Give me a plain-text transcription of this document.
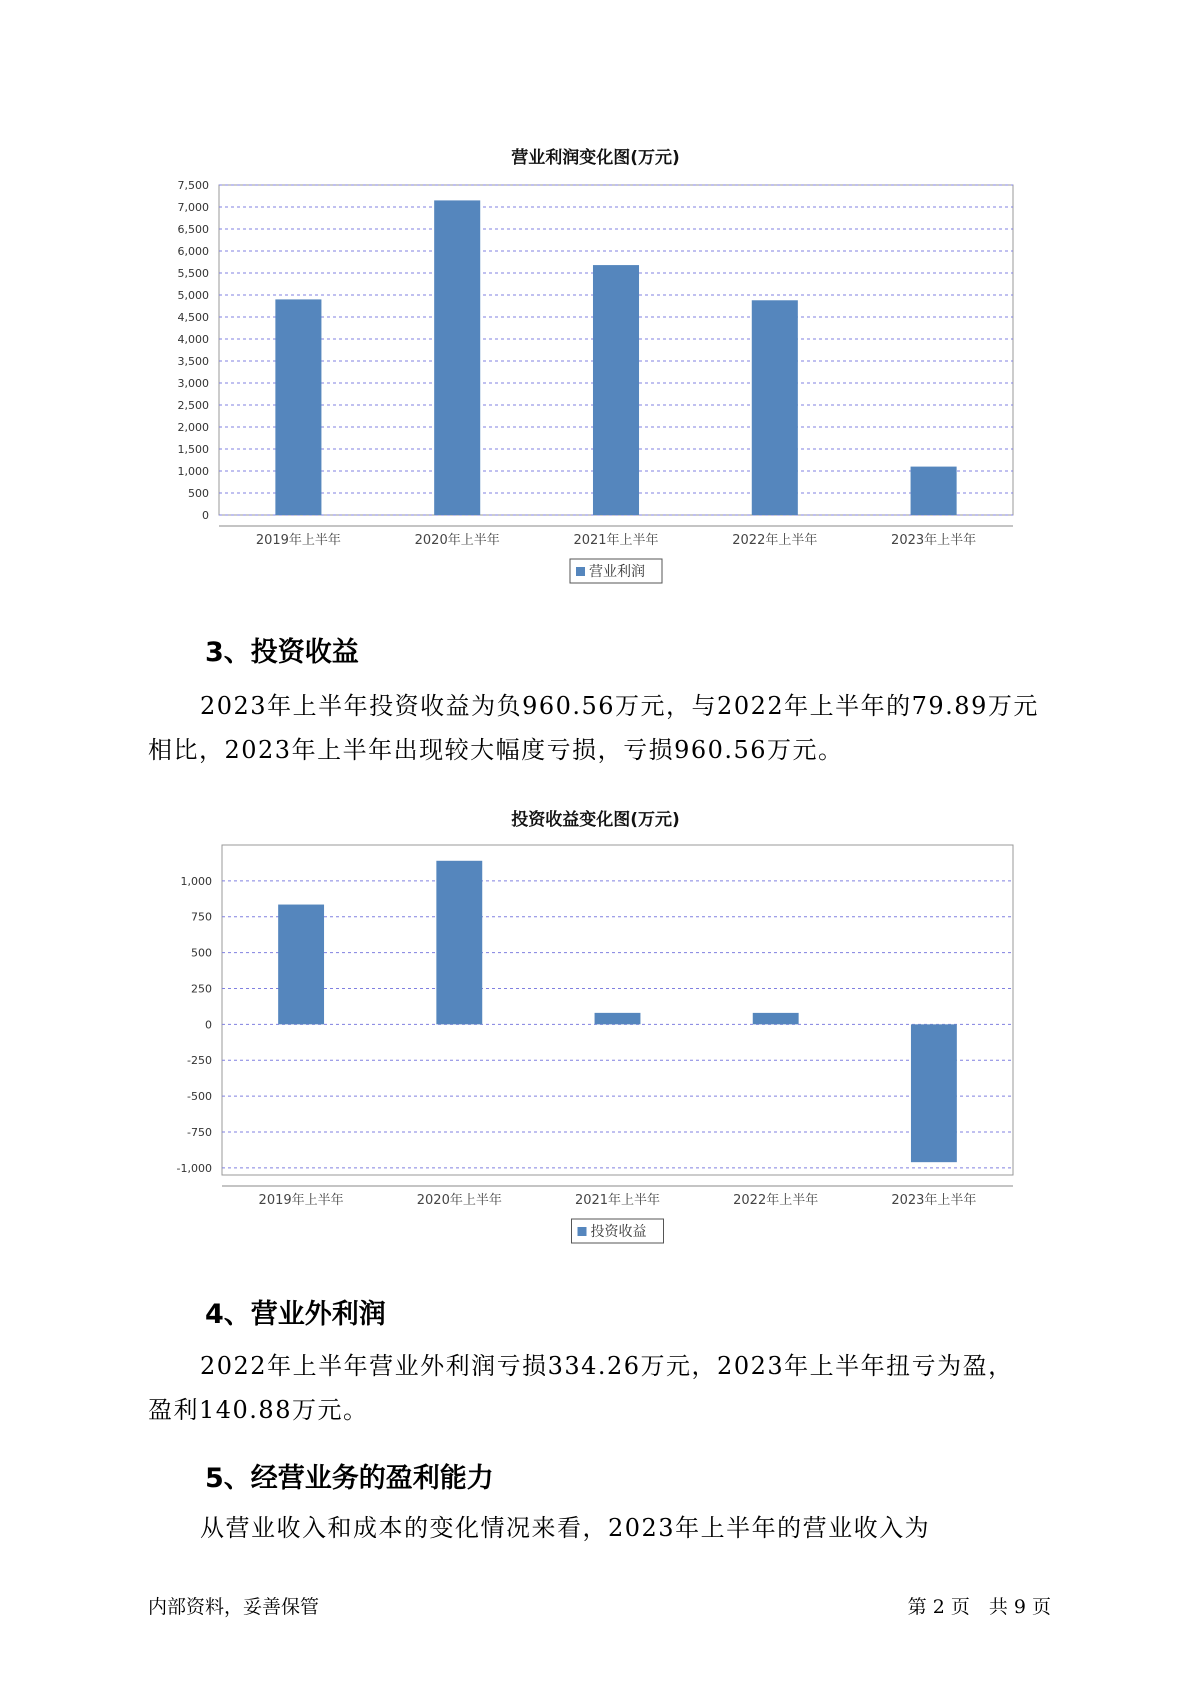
营业利润变化图(万元)
0
500
1,000
1,500
2,000
2,500
3,000
3,500
4,000
4,500
5,000
5,500
6,000
6,500
7,000
7,500
2019年上半年	2020年上半年	2021年上半年	2022年上半年	2023年上半年
营业利润
3、投资收益
2023年上半年投资收益为负960.56万元，与2022年上半年的79.89万元
相比，2023年上半年出现较大幅度亏损，亏损960.56万元。
投资收益变化图(万元)
-1,000
-750
-500
-250
0
250
500
750
1,000
2019年上半年	2020年上半年	2021年上半年	2022年上半年	2023年上半年
投资收益
4、营业外利润
2022年上半年营业外利润亏损334.26万元，2023年上半年扭亏为盈，
盈利140.88万元。
5、经营业务的盈利能力
从营业收入和成本的变化情况来看，2023年上半年的营业收入为
内部资料，妥善保管	第 2 页　共 9 页
